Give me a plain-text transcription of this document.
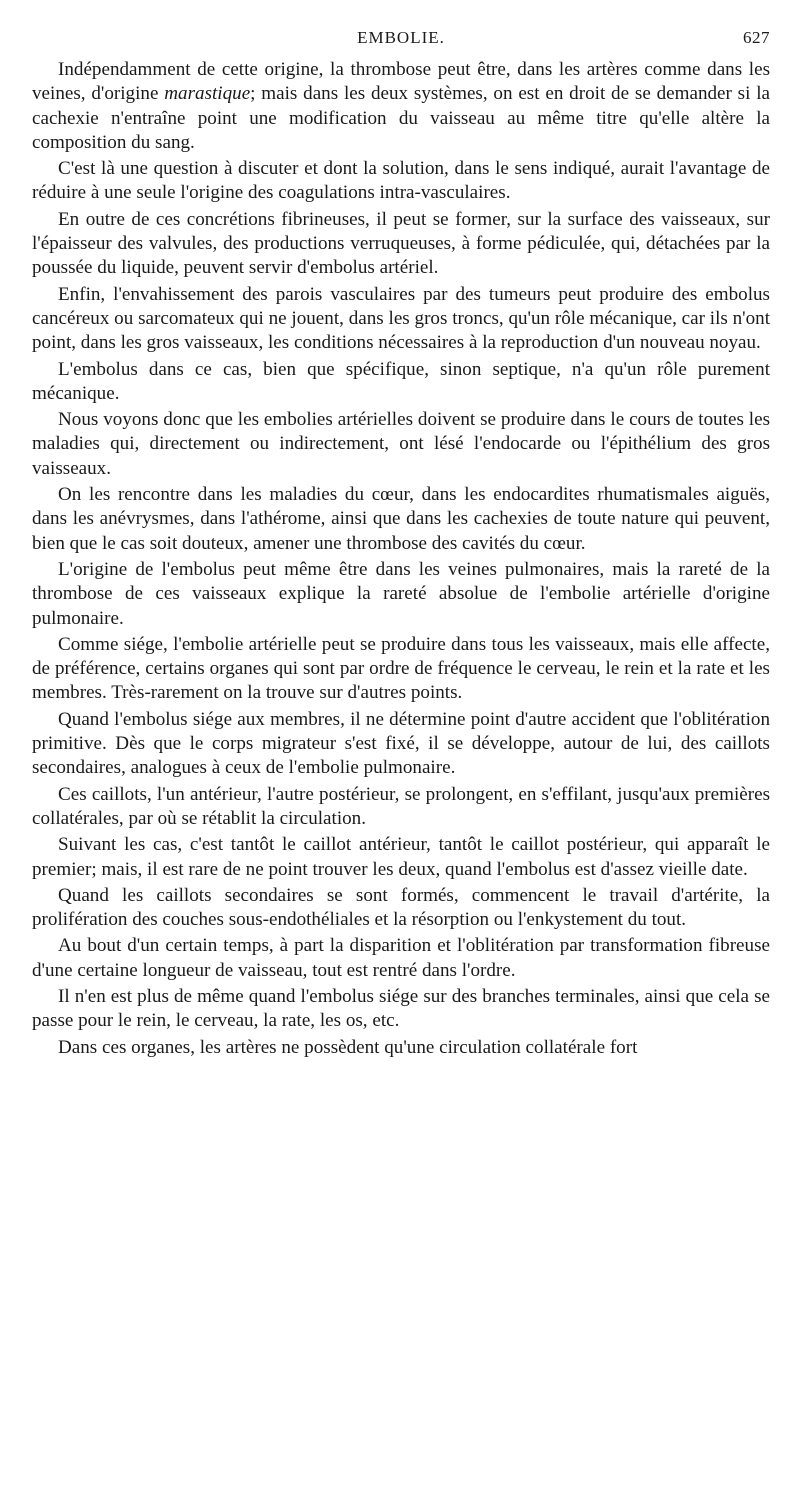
EMBOLIE.	627

Indépendamment de cette origine, la thrombose peut être, dans les artères comme dans les veines, d'origine marastique; mais dans les deux systèmes, on est en droit de se demander si la cachexie n'entraîne point une modification du vaisseau au même titre qu'elle altère la composition du sang.

C'est là une question à discuter et dont la solution, dans le sens indiqué, aurait l'avantage de réduire à une seule l'origine des coagulations intra-vasculaires.

En outre de ces concrétions fibrineuses, il peut se former, sur la surface des vaisseaux, sur l'épaisseur des valvules, des productions verruqueuses, à forme pédiculée, qui, détachées par la poussée du liquide, peuvent servir d'embolus artériel.

Enfin, l'envahissement des parois vasculaires par des tumeurs peut produire des embolus cancéreux ou sarcomateux qui ne jouent, dans les gros troncs, qu'un rôle mécanique, car ils n'ont point, dans les gros vaisseaux, les conditions nécessaires à la reproduction d'un nouveau noyau.

L'embolus dans ce cas, bien que spécifique, sinon septique, n'a qu'un rôle purement mécanique.

Nous voyons donc que les embolies artérielles doivent se produire dans le cours de toutes les maladies qui, directement ou indirectement, ont lésé l'endocarde ou l'épithélium des gros vaisseaux.

On les rencontre dans les maladies du cœur, dans les endocardites rhumatismales aiguës, dans les anévrysmes, dans l'athérome, ainsi que dans les cachexies de toute nature qui peuvent, bien que le cas soit douteux, amener une thrombose des cavités du cœur.

L'origine de l'embolus peut même être dans les veines pulmonaires, mais la rareté de la thrombose de ces vaisseaux explique la rareté absolue de l'embolie artérielle d'origine pulmonaire.

Comme siége, l'embolie artérielle peut se produire dans tous les vaisseaux, mais elle affecte, de préférence, certains organes qui sont par ordre de fréquence le cerveau, le rein et la rate et les membres. Très-rarement on la trouve sur d'autres points.

Quand l'embolus siége aux membres, il ne détermine point d'autre accident que l'oblitération primitive. Dès que le corps migrateur s'est fixé, il se développe, autour de lui, des caillots secondaires, analogues à ceux de l'embolie pulmonaire.

Ces caillots, l'un antérieur, l'autre postérieur, se prolongent, en s'effilant, jusqu'aux premières collatérales, par où se rétablit la circulation.

Suivant les cas, c'est tantôt le caillot antérieur, tantôt le caillot postérieur, qui apparaît le premier; mais, il est rare de ne point trouver les deux, quand l'embolus est d'assez vieille date.

Quand les caillots secondaires se sont formés, commencent le travail d'artérite, la prolifération des couches sous-endothéliales et la résorption ou l'enkystement du tout.

Au bout d'un certain temps, à part la disparition et l'oblitération par transformation fibreuse d'une certaine longueur de vaisseau, tout est rentré dans l'ordre.

Il n'en est plus de même quand l'embolus siége sur des branches terminales, ainsi que cela se passe pour le rein, le cerveau, la rate, les os, etc.

Dans ces organes, les artères ne possèdent qu'une circulation collatérale fort
